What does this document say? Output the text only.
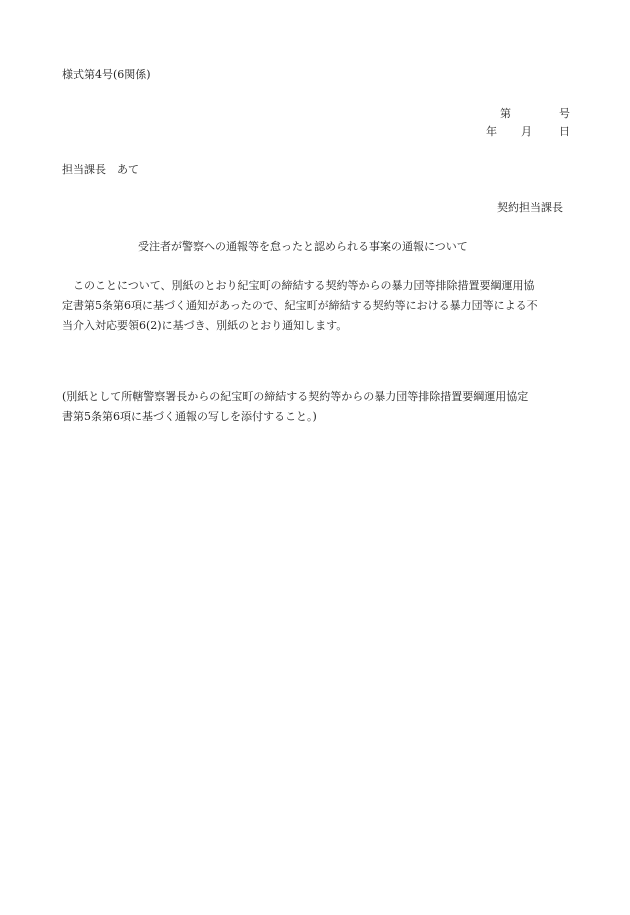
様式第4号(6関係)
第	号
年 月 日
担当課長　あて
契約担当課長
受注者が警察への通報等を怠ったと認められる事案の通報について
　このことについて、別紙のとおり紀宝町の締結する契約等からの暴力団等排除措置要綱運用協
定書第5条第6項に基づく通知があったので、紀宝町が締結する契約等における暴力団等による不
当介入対応要領6(2)に基づき、別紙のとおり通知します。
(別紙として所轄警察署長からの紀宝町の締結する契約等からの暴力団等排除措置要綱運用協定
書第5条第6項に基づく通報の写しを添付すること。)
